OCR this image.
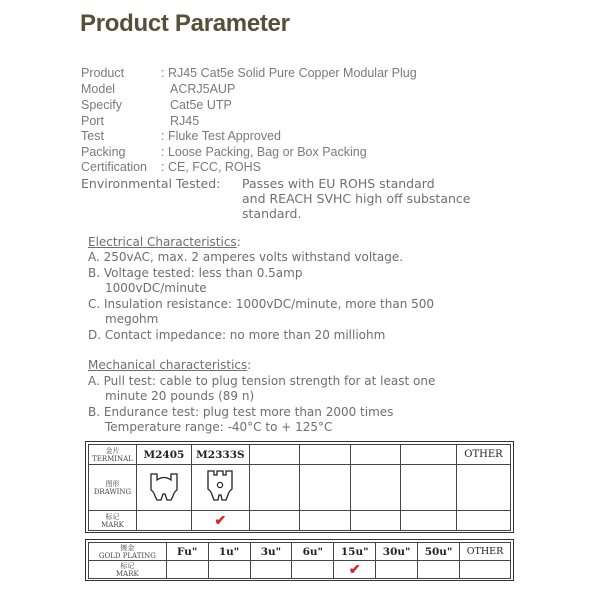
Product Parameter
Product	: RJ45 Cat5e Solid Pure Copper Modular Plug
Model	ACRJ5AUP
Specify	Cat5e UTP
Port	RJ45
Test	: Fluke Test Approved
Packing	: Loose Packing, Bag or Box Packing
Certification : CE, FCC, ROHS
Environmental Tested: Passes with EU ROHS standard
and REACH SVHC high off substance
standard.
Electrical Characteristics:
A. 250vAC, max. 2 amperes volts withstand voltage.
B. Voltage tested: less than 0.5amp
1000vDC/minute
C. Insulation resistance: 1000vDC/minute, more than 500
megohm
D. Contact impedance: no more than 20 milliohm
Mechanical characteristics:
A. Pull test: cable to plug tension strength for at least one
minute 20 pounds (89 n)
B. Endurance test: plug test more than 2000 times
Temperature range: -40°C to + 125°C
金片
TERMINAL	M2405	M2333S					OTHER

图形
DRAWING

标记
MARK		✔					
镀金
GOLD PLATING	Fu"	1u"	3u"	6u"	15u"	30u"	50u"	OTHER

标记
MARK					✔			
